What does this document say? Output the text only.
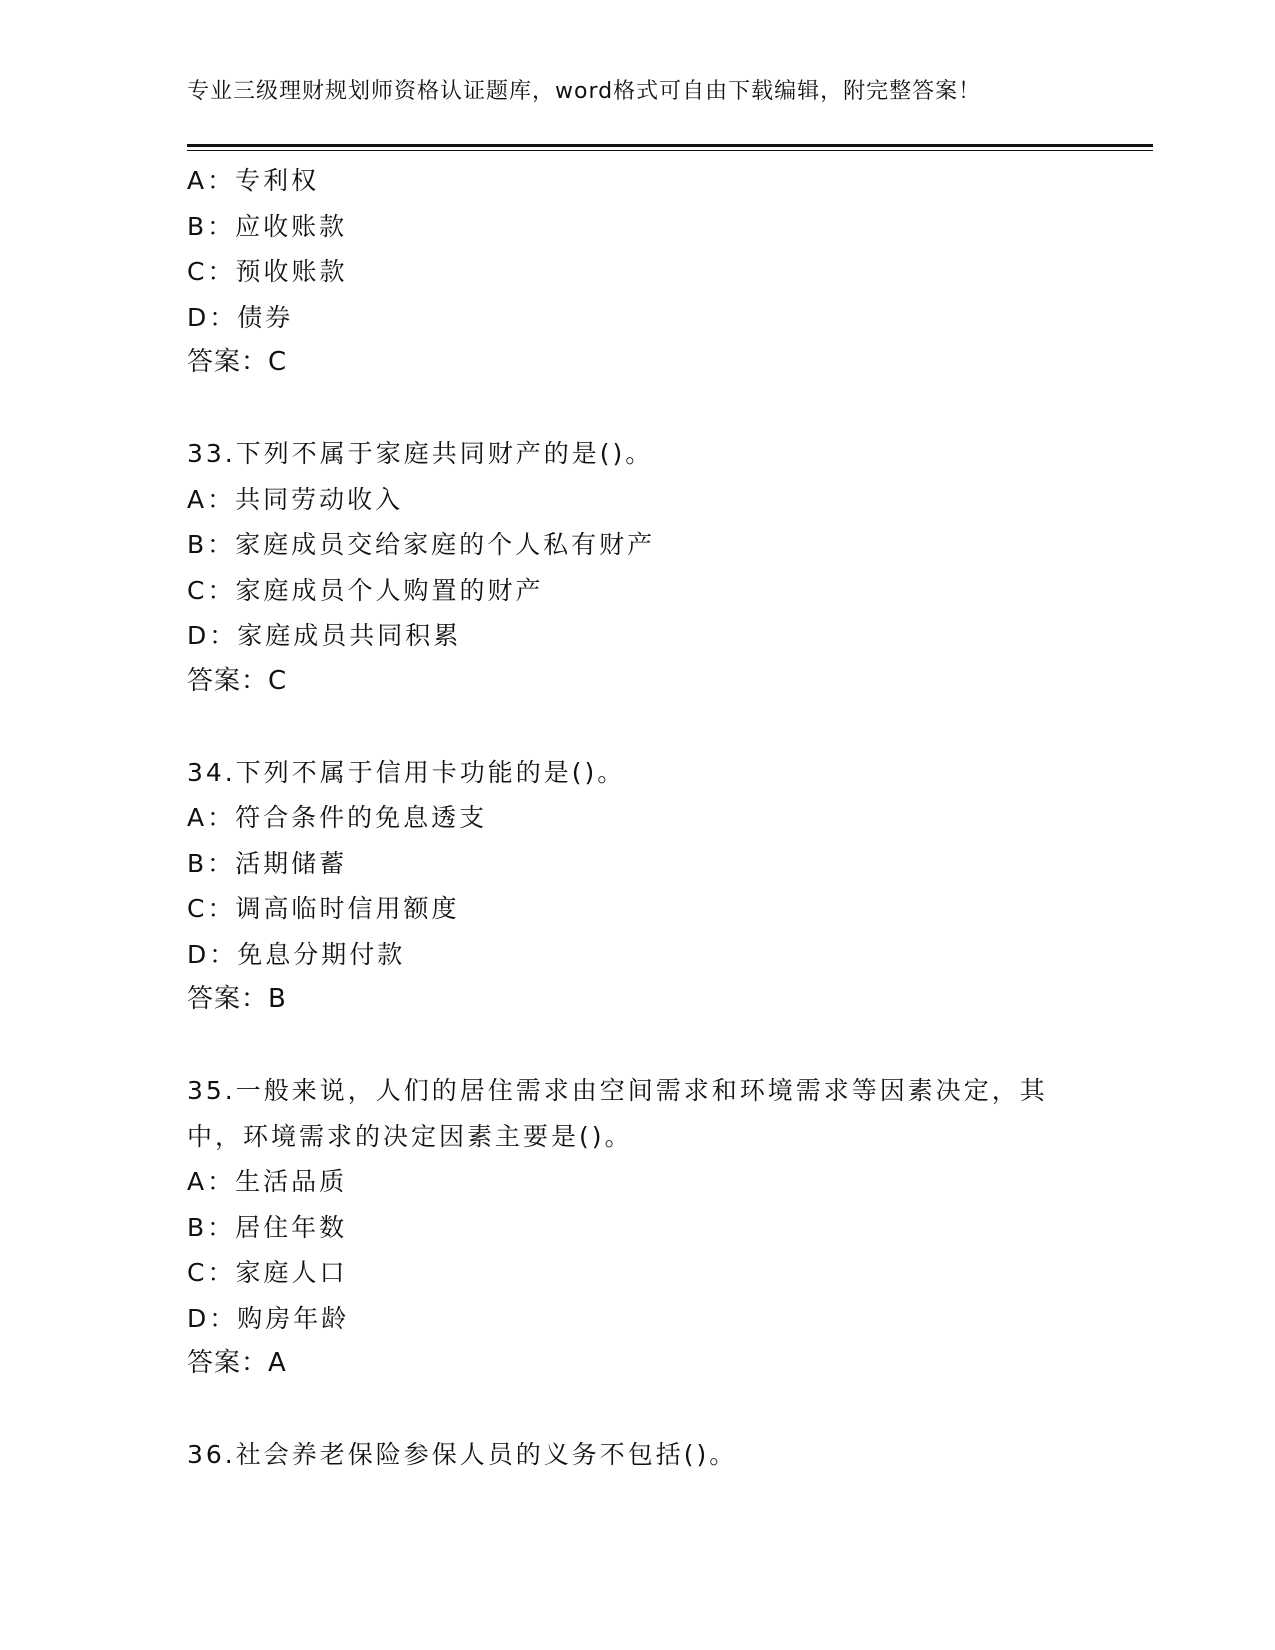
专业三级理财规划师资格认证题库，word格式可自由下载编辑，附完整答案！
A：专利权
B：应收账款
C：预收账款
D：债券
答案：C
33.下列不属于家庭共同财产的是()。
A：共同劳动收入
B：家庭成员交给家庭的个人私有财产
C：家庭成员个人购置的财产
D：家庭成员共同积累
答案：C
34.下列不属于信用卡功能的是()。
A：符合条件的免息透支
B：活期储蓄
C：调高临时信用额度
D：免息分期付款
答案：B
35.一般来说，人们的居住需求由空间需求和环境需求等因素决定，其
中，环境需求的决定因素主要是()。
A：生活品质
B：居住年数
C：家庭人口
D：购房年龄
答案：A
36.社会养老保险参保人员的义务不包括()。
